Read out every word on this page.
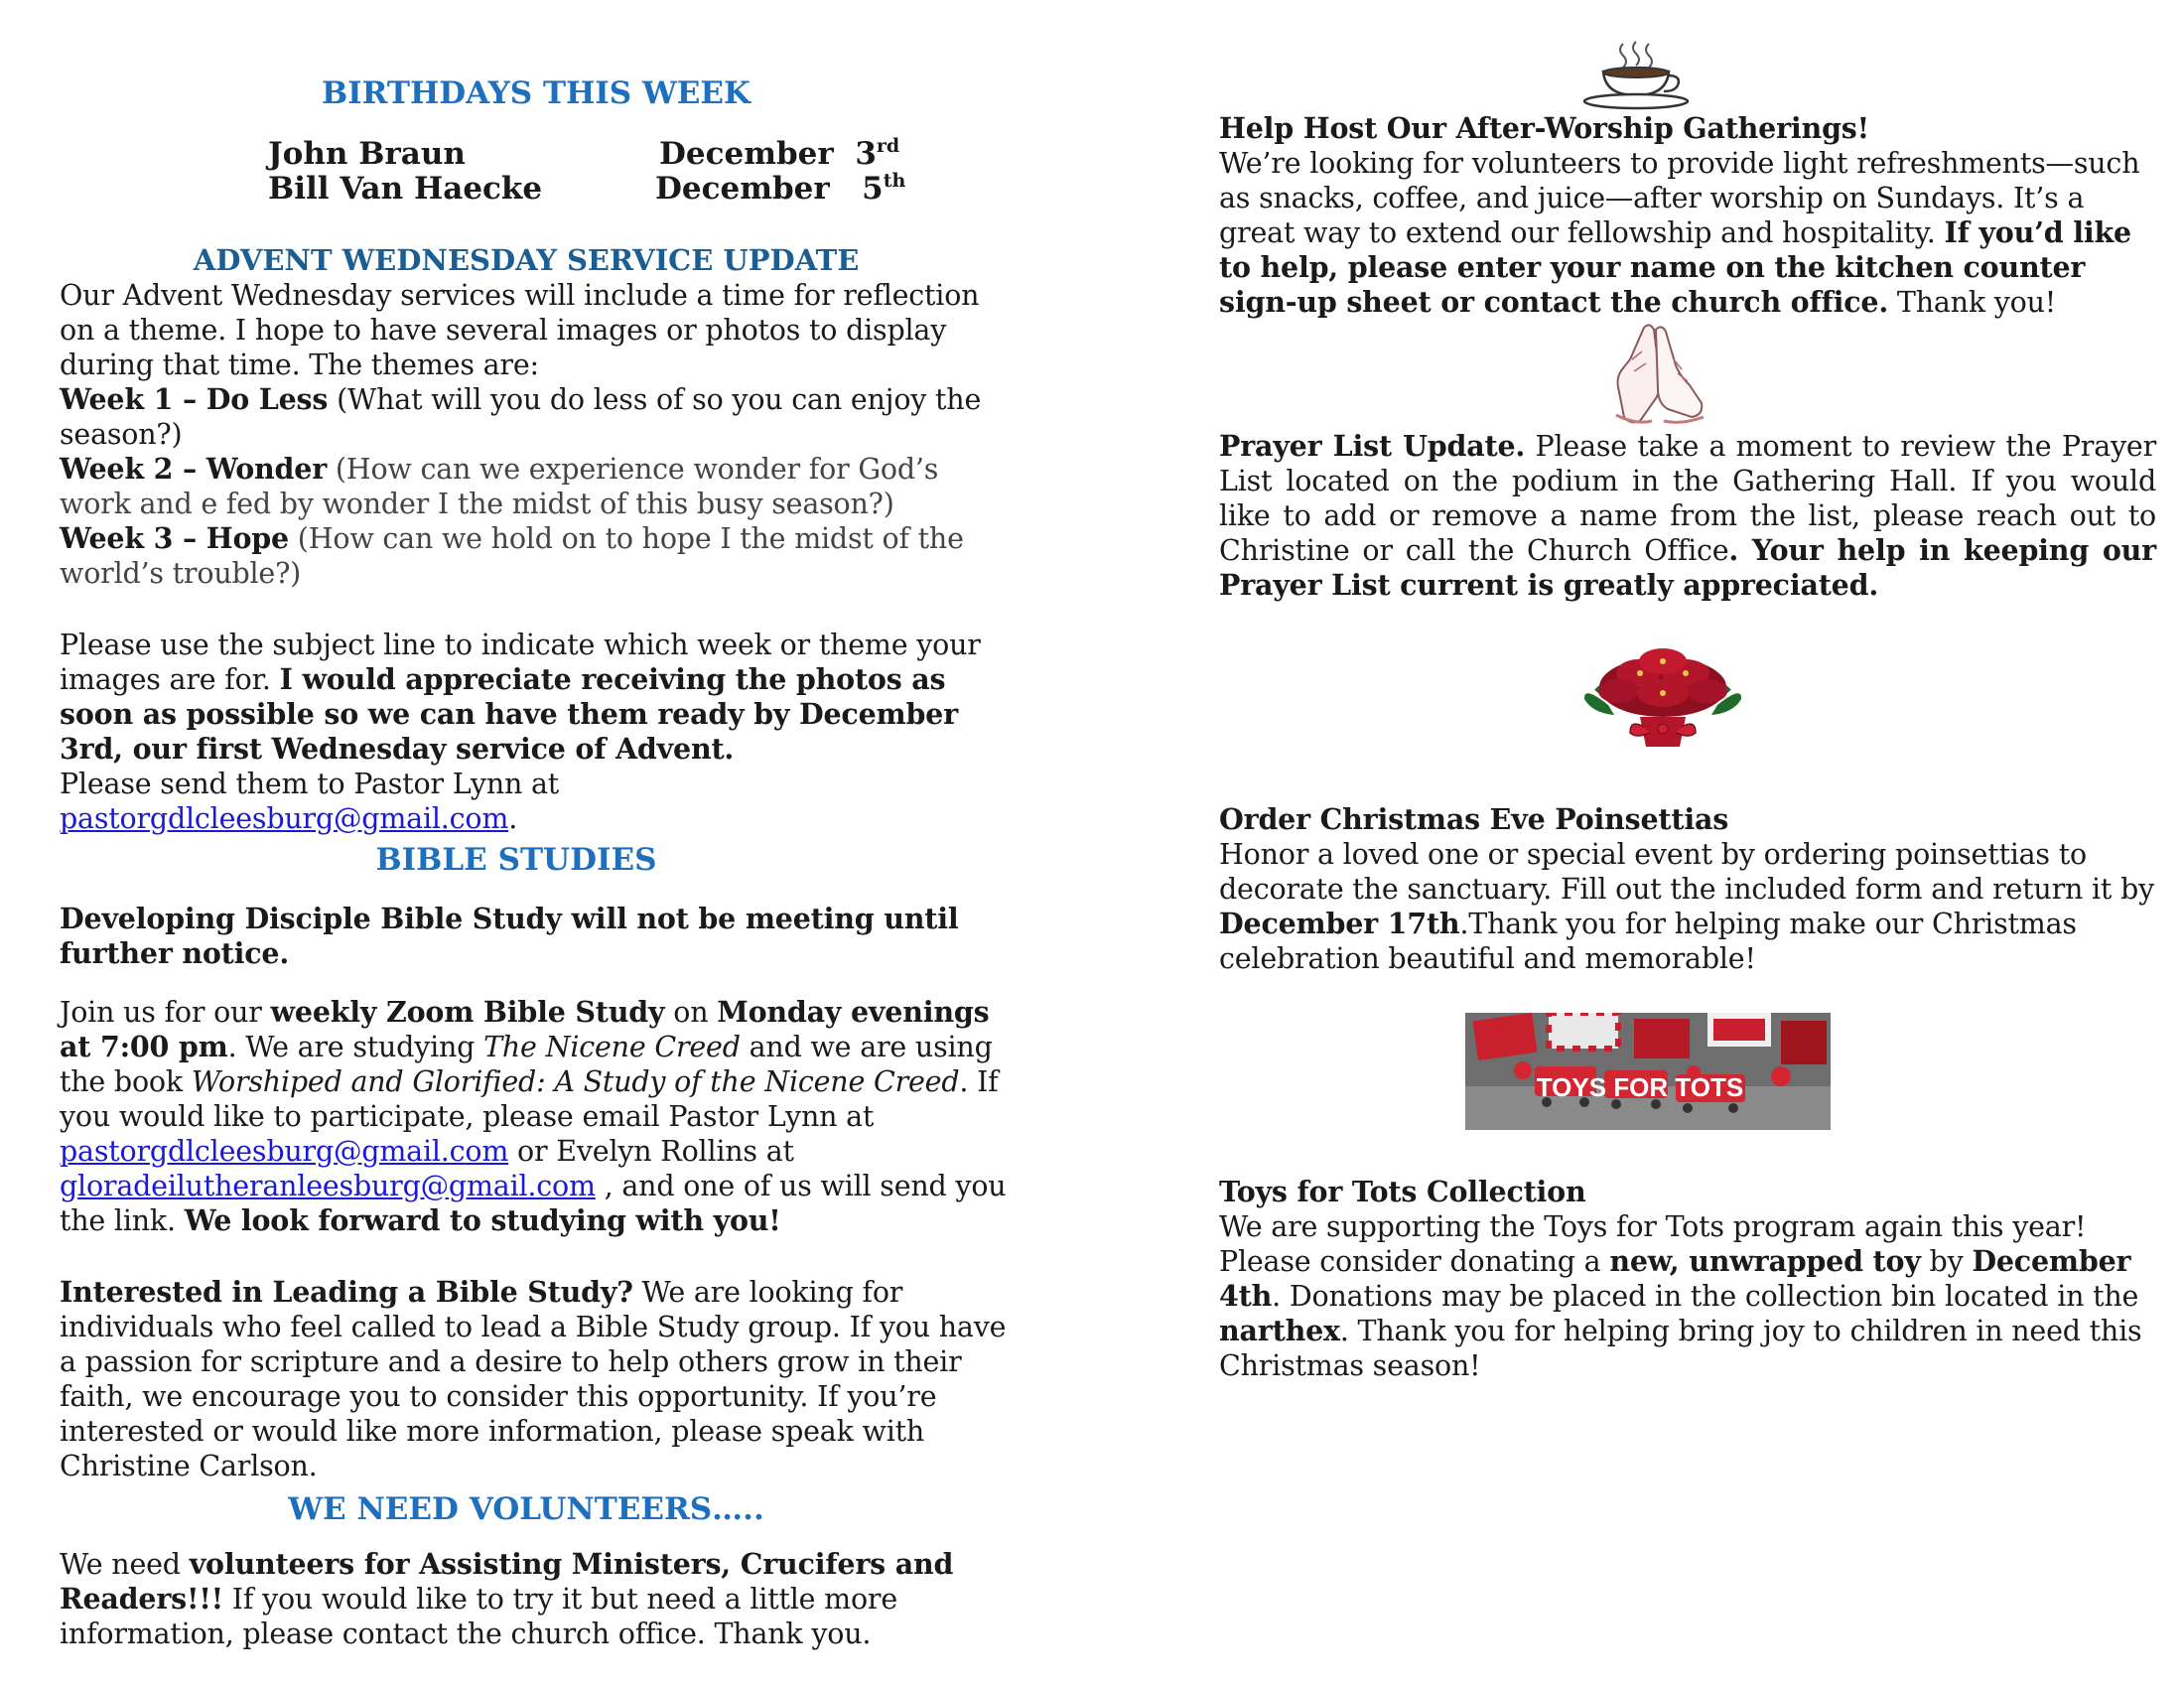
BIRTHDAYS THIS WEEK
John Braun	December 3rd
Bill Van Haecke	December 5th
ADVENT WEDNESDAY SERVICE UPDATE

Our Advent Wednesday services will include a time for reflection on a theme. I hope to have several images or photos to display during that time. The themes are:

Week 1 – Do Less (What will you do less of so you can enjoy the season?)

Week 2 – Wonder (How can we experience wonder for God’s work and e fed by wonder I the midst of this busy season?)

Week 3 – Hope (How can we hold on to hope I the midst of the world’s trouble?)

Please use the subject line to indicate which week or theme your images are for. I would appreciate receiving the photos as soon as possible so we can have them ready by December 3rd, our first Wednesday service of Advent.
Please send them to Pastor Lynn at pastorgdlcleesburg@gmail.com.

BIBLE STUDIES

Developing Disciple Bible Study will not be meeting until further notice.

Join us for our weekly Zoom Bible Study on Monday evenings at 7:00 pm. We are studying The Nicene Creed and we are using the book Worshiped and Glorified: A Study of the Nicene Creed. If you would like to participate, please email Pastor Lynn at pastorgdlcleesburg@gmail.com or Evelyn Rollins at gloradeilutheranleesburg@gmail.com , and one of us will send you the link. We look forward to studying with you!

Interested in Leading a Bible Study? We are looking for individuals who feel called to lead a Bible Study group. If you have a passion for scripture and a desire to help others grow in their faith, we encourage you to consider this opportunity. If you’re interested or would like more information, please speak with Christine Carlson.

WE NEED VOLUNTEERS…..

We need volunteers for Assisting Ministers, Crucifers and Readers!!! If you would like to try it but need a little more information, please contact the church office. Thank you.

Help Host Our After-Worship Gatherings!
We’re looking for volunteers to provide light refreshments—such as snacks, coffee, and juice—after worship on Sundays. It’s a great way to extend our fellowship and hospitality. If you’d like to help, please enter your name on the kitchen counter sign-up sheet or contact the church office. Thank you!

Prayer List Update. Please take a moment to review the Prayer List located on the podium in the Gathering Hall. If you would like to add or remove a name from the list, please reach out to Christine or call the Church Office. Your help in keeping our Prayer List current is greatly appreciated.

Order Christmas Eve Poinsettias
Honor a loved one or special event by ordering poinsettias to decorate the sanctuary. Fill out the included form and return it by December 17th.Thank you for helping make our Christmas celebration beautiful and memorable!

TOYS FOR TOTS

Toys for Tots Collection
We are supporting the Toys for Tots program again this year! Please consider donating a new, unwrapped toy by December 4th. Donations may be placed in the collection bin located in the narthex. Thank you for helping bring joy to children in need this Christmas season!
